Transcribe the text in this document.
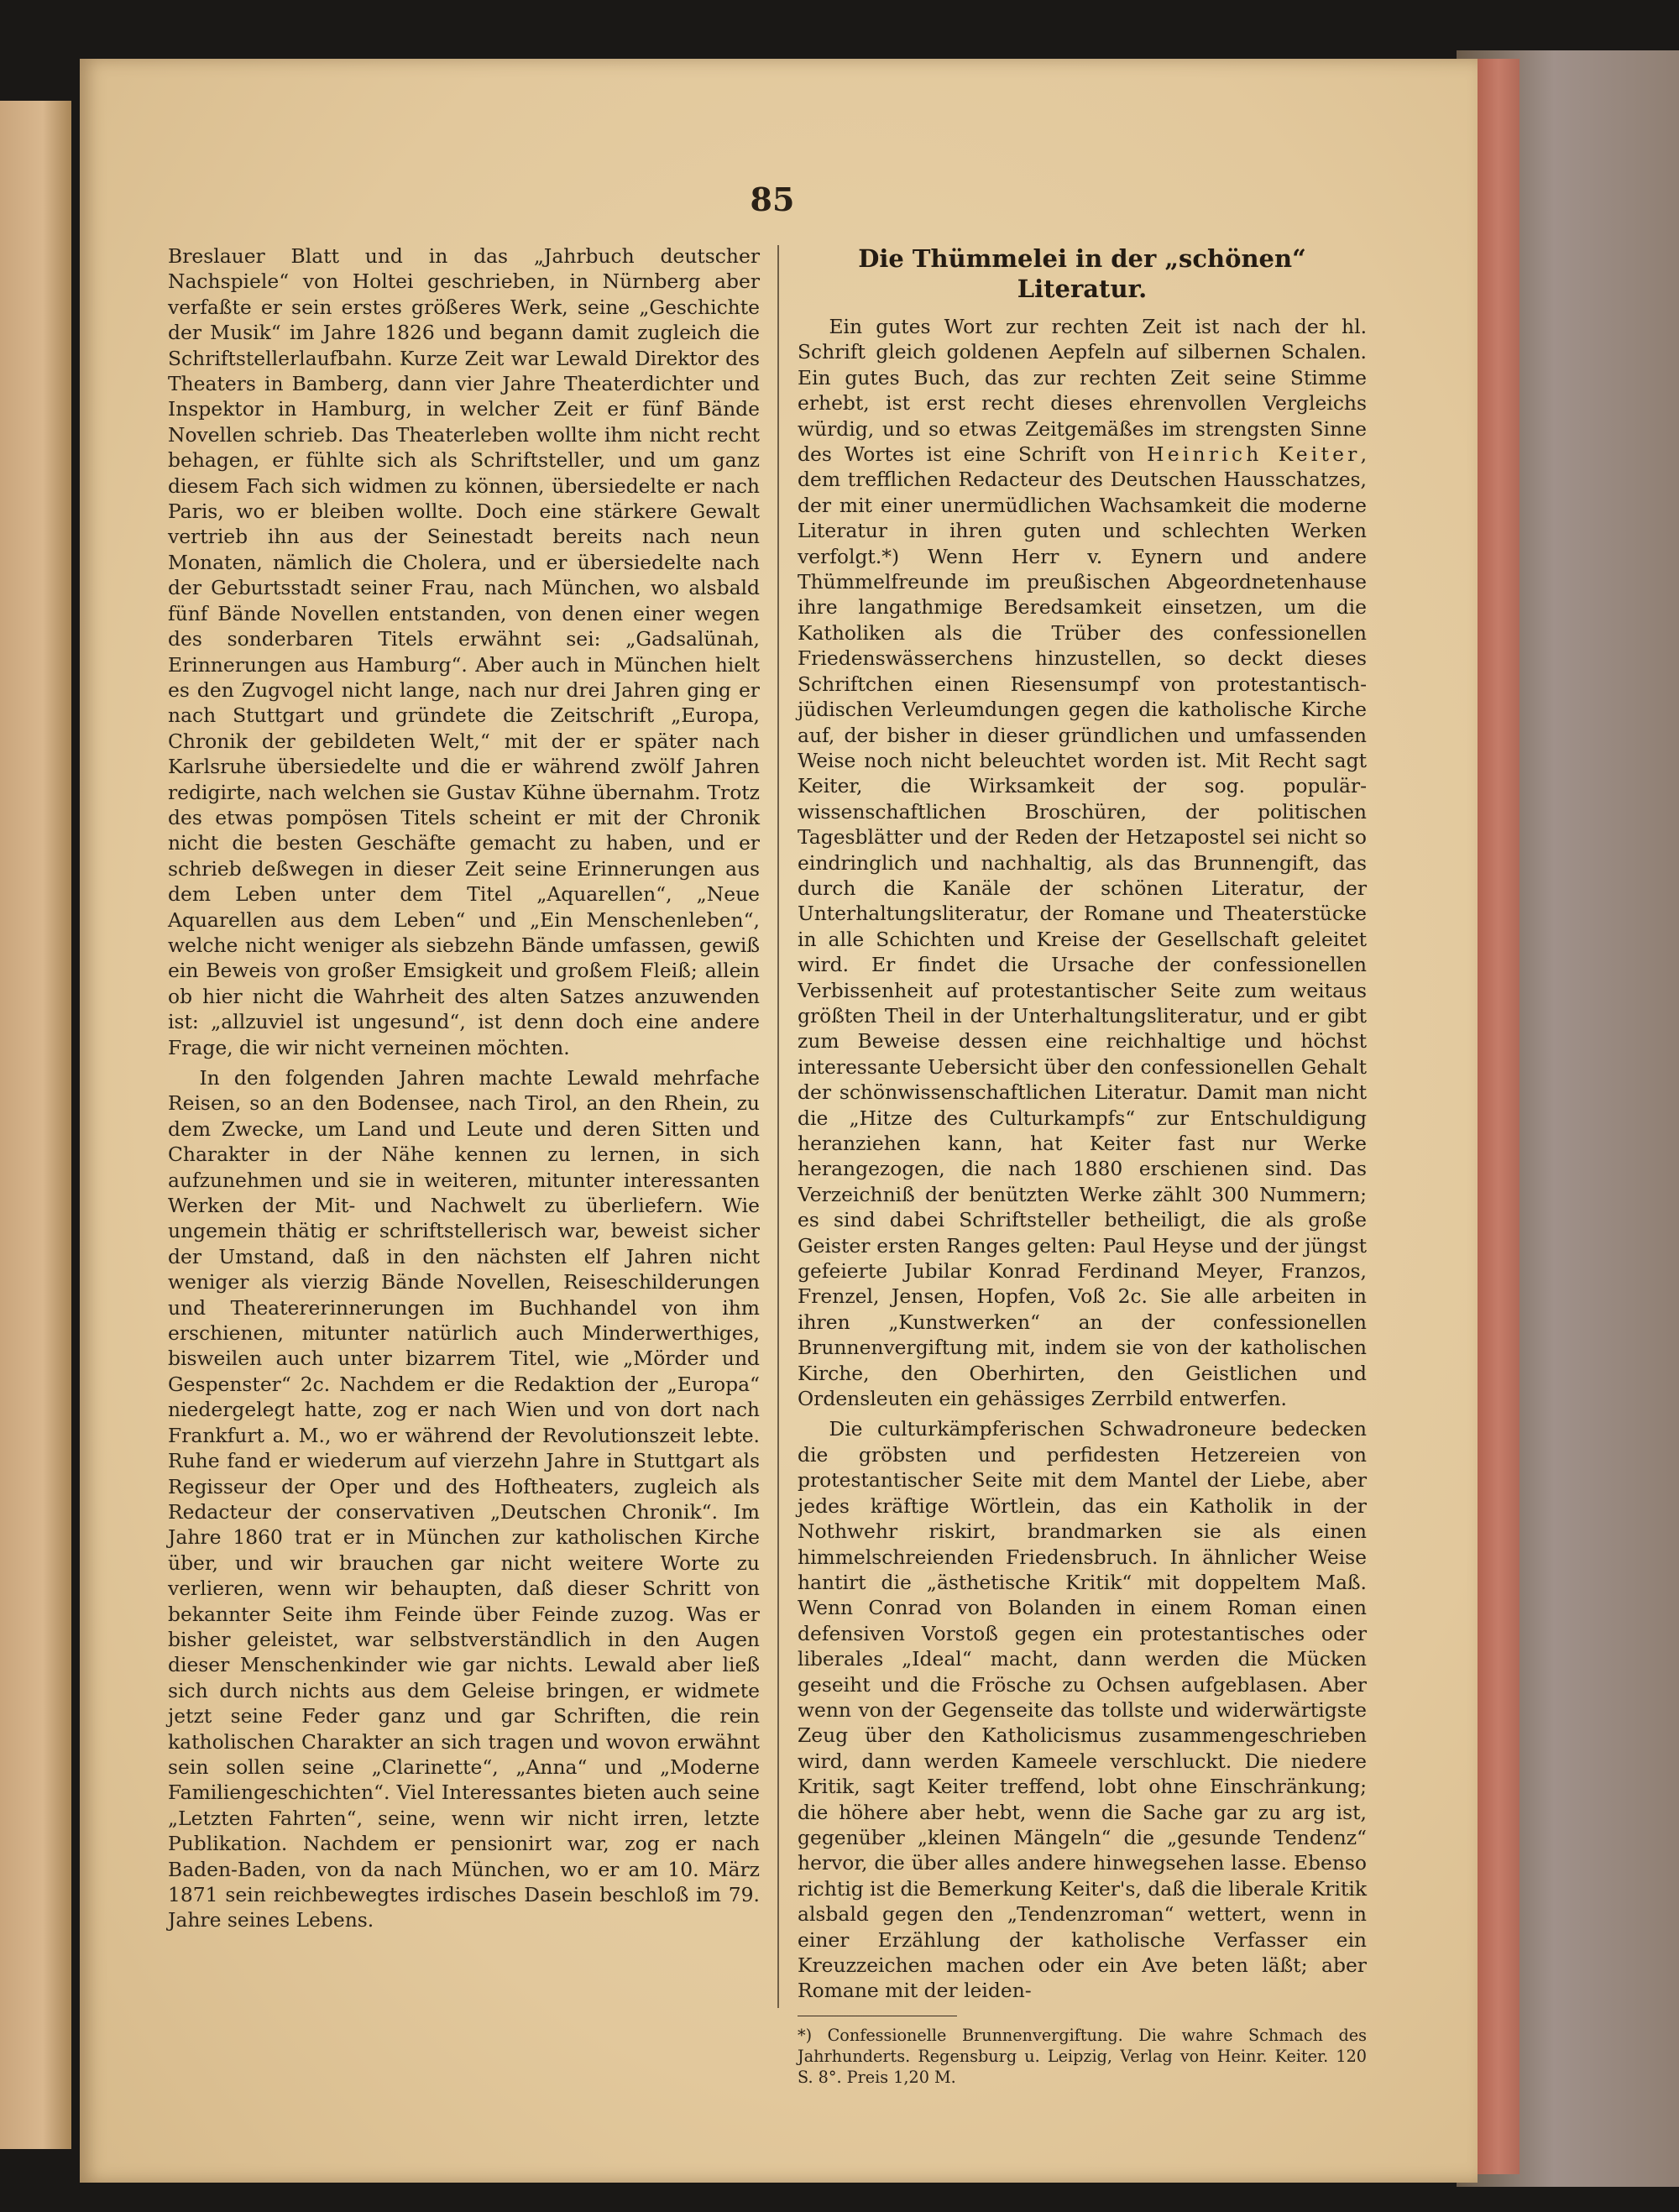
85

Breslauer Blatt und in das „Jahrbuch deutscher Nachspiele“ von Holtei geschrieben, in Nürnberg aber verfaßte er sein erstes größeres Werk, seine „Geschichte der Musik“ im Jahre 1826 und begann damit zugleich die Schriftstellerlaufbahn. Kurze Zeit war Lewald Direktor des Theaters in Bamberg, dann vier Jahre Theaterdichter und Inspektor in Hamburg, in welcher Zeit er fünf Bände Novellen schrieb. Das Theaterleben wollte ihm nicht recht behagen, er fühlte sich als Schriftsteller, und um ganz diesem Fach sich widmen zu können, übersiedelte er nach Paris, wo er bleiben wollte. Doch eine stärkere Gewalt vertrieb ihn aus der Seinestadt bereits nach neun Monaten, nämlich die Cholera, und er übersiedelte nach der Geburtsstadt seiner Frau, nach München, wo alsbald fünf Bände Novellen entstanden, von denen einer wegen des sonderbaren Titels erwähnt sei: „Gadsalünah, Erinnerungen aus Hamburg“. Aber auch in München hielt es den Zugvogel nicht lange, nach nur drei Jahren ging er nach Stuttgart und gründete die Zeitschrift „Europa, Chronik der gebildeten Welt,“ mit der er später nach Karlsruhe übersiedelte und die er während zwölf Jahren redigirte, nach welchen sie Gustav Kühne übernahm. Trotz des etwas pompösen Titels scheint er mit der Chronik nicht die besten Geschäfte gemacht zu haben, und er schrieb deßwegen in dieser Zeit seine Erinnerungen aus dem Leben unter dem Titel „Aquarellen“, „Neue Aquarellen aus dem Leben“ und „Ein Menschenleben“, welche nicht weniger als siebzehn Bände umfassen, gewiß ein Beweis von großer Emsigkeit und großem Fleiß; allein ob hier nicht die Wahrheit des alten Satzes anzuwenden ist: „allzuviel ist ungesund“, ist denn doch eine andere Frage, die wir nicht verneinen möchten.

In den folgenden Jahren machte Lewald mehrfache Reisen, so an den Bodensee, nach Tirol, an den Rhein, zu dem Zwecke, um Land und Leute und deren Sitten und Charakter in der Nähe kennen zu lernen, in sich aufzunehmen und sie in weiteren, mitunter interessanten Werken der Mit- und Nachwelt zu überliefern. Wie ungemein thätig er schriftstellerisch war, beweist sicher der Umstand, daß in den nächsten elf Jahren nicht weniger als vierzig Bände Novellen, Reiseschilderungen und Theatererinnerungen im Buchhandel von ihm erschienen, mitunter natürlich auch Minderwerthiges, bisweilen auch unter bizarrem Titel, wie „Mörder und Gespenster“ 2c. Nachdem er die Redaktion der „Europa“ niedergelegt hatte, zog er nach Wien und von dort nach Frankfurt a. M., wo er während der Revolutionszeit lebte. Ruhe fand er wiederum auf vierzehn Jahre in Stuttgart als Regisseur der Oper und des Hoftheaters, zugleich als Redacteur der conservativen „Deutschen Chronik“. Im Jahre 1860 trat er in München zur katholischen Kirche über, und wir brauchen gar nicht weitere Worte zu verlieren, wenn wir behaupten, daß dieser Schritt von bekannter Seite ihm Feinde über Feinde zuzog. Was er bisher geleistet, war selbstverständlich in den Augen dieser Menschenkinder wie gar nichts. Lewald aber ließ sich durch nichts aus dem Geleise bringen, er widmete jetzt seine Feder ganz und gar Schriften, die rein katholischen Charakter an sich tragen und wovon erwähnt sein sollen seine „Clarinette“, „Anna“ und „Moderne Familiengeschichten“. Viel Interessantes bieten auch seine „Letzten Fahrten“, seine, wenn wir nicht irren, letzte Publikation. Nachdem er pensionirt war, zog er nach Baden-Baden, von da nach München, wo er am 10. März 1871 sein reichbewegtes irdisches Dasein beschloß im 79. Jahre seines Lebens.

Die Thümmelei in der „schönen“ Literatur.

Ein gutes Wort zur rechten Zeit ist nach der hl. Schrift gleich goldenen Aepfeln auf silbernen Schalen. Ein gutes Buch, das zur rechten Zeit seine Stimme erhebt, ist erst recht dieses ehrenvollen Vergleichs würdig, und so etwas Zeitgemäßes im strengsten Sinne des Wortes ist eine Schrift von Heinrich Keiter, dem trefflichen Redacteur des Deutschen Hausschatzes, der mit einer unermüdlichen Wachsamkeit die moderne Literatur in ihren guten und schlechten Werken verfolgt.*) Wenn Herr v. Eynern und andere Thümmelfreunde im preußischen Abgeordnetenhause ihre langathmige Beredsamkeit einsetzen, um die Katholiken als die Trüber des confessionellen Friedenswässerchens hinzustellen, so deckt dieses Schriftchen einen Riesensumpf von protestantisch-jüdischen Verleumdungen gegen die katholische Kirche auf, der bisher in dieser gründlichen und umfassenden Weise noch nicht beleuchtet worden ist. Mit Recht sagt Keiter, die Wirksamkeit der sog. populär-wissenschaftlichen Broschüren, der politischen Tagesblätter und der Reden der Hetzapostel sei nicht so eindringlich und nachhaltig, als das Brunnengift, das durch die Kanäle der schönen Literatur, der Unterhaltungsliteratur, der Romane und Theaterstücke in alle Schichten und Kreise der Gesellschaft geleitet wird. Er findet die Ursache der confessionellen Verbissenheit auf protestantischer Seite zum weitaus größten Theil in der Unterhaltungsliteratur, und er gibt zum Beweise dessen eine reichhaltige und höchst interessante Uebersicht über den confessionellen Gehalt der schönwissenschaftlichen Literatur. Damit man nicht die „Hitze des Culturkampfs“ zur Entschuldigung heranziehen kann, hat Keiter fast nur Werke herangezogen, die nach 1880 erschienen sind. Das Verzeichniß der benützten Werke zählt 300 Nummern; es sind dabei Schriftsteller betheiligt, die als große Geister ersten Ranges gelten: Paul Heyse und der jüngst gefeierte Jubilar Konrad Ferdinand Meyer, Franzos, Frenzel, Jensen, Hopfen, Voß 2c. Sie alle arbeiten in ihren „Kunstwerken“ an der confessionellen Brunnenvergiftung mit, indem sie von der katholischen Kirche, den Oberhirten, den Geistlichen und Ordensleuten ein gehässiges Zerrbild entwerfen.

Die culturkämpferischen Schwadroneure bedecken die gröbsten und perfidesten Hetzereien von protestantischer Seite mit dem Mantel der Liebe, aber jedes kräftige Wörtlein, das ein Katholik in der Nothwehr riskirt, brandmarken sie als einen himmelschreienden Friedensbruch. In ähnlicher Weise hantirt die „ästhetische Kritik“ mit doppeltem Maß. Wenn Conrad von Bolanden in einem Roman einen defensiven Vorstoß gegen ein protestantisches oder liberales „Ideal“ macht, dann werden die Mücken geseiht und die Frösche zu Ochsen aufgeblasen. Aber wenn von der Gegenseite das tollste und widerwärtigste Zeug über den Katholicismus zusammengeschrieben wird, dann werden Kameele verschluckt. Die niedere Kritik, sagt Keiter treffend, lobt ohne Einschränkung; die höhere aber hebt, wenn die Sache gar zu arg ist, gegenüber „kleinen Mängeln“ die „gesunde Tendenz“ hervor, die über alles andere hinwegsehen lasse. Ebenso richtig ist die Bemerkung Keiter's, daß die liberale Kritik alsbald gegen den „Tendenzroman“ wettert, wenn in einer Erzählung der katholische Verfasser ein Kreuzzeichen machen oder ein Ave beten läßt; aber Romane mit der leiden-

*) Confessionelle Brunnenvergiftung. Die wahre Schmach des Jahrhunderts. Regensburg u. Leipzig, Verlag von Heinr. Keiter. 120 S. 8°. Preis 1,20 M.
